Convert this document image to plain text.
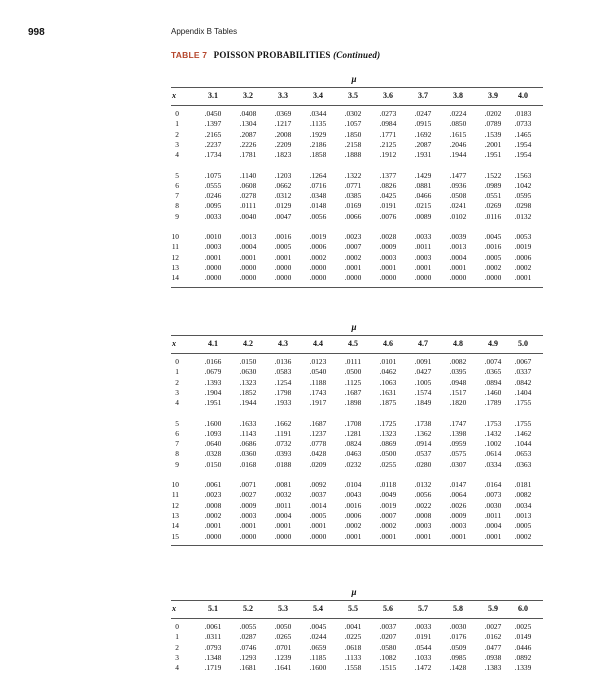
998	Appendix B Tables
TABLE 7 POISSON PROBABILITIES (Continued)
μ
x	3.1	3.2	3.3	3.4	3.5	3.6	3.7	3.8	3.9	4.0
0	.0450	.0408	.0369	.0344	.0302	.0273	.0247	.0224	.0202	.0183
1	.1397	.1304	.1217	.1135	.1057	.0984	.0915	.0850	.0789	.0733
2	.2165	.2087	.2008	.1929	.1850	.1771	.1692	.1615	.1539	.1465
3	.2237	.2226	.2209	.2186	.2158	.2125	.2087	.2046	.2001	.1954
4	.1734	.1781	.1823	.1858	.1888	.1912	.1931	.1944	.1951	.1954
5	.1075	.1140	.1203	.1264	.1322	.1377	.1429	.1477	.1522	.1563
6	.0555	.0608	.0662	.0716	.0771	.0826	.0881	.0936	.0989	.1042
7	.0246	.0278	.0312	.0348	.0385	.0425	.0466	.0508	.0551	.0595
8	.0095	.0111	.0129	.0148	.0169	.0191	.0215	.0241	.0269	.0298
9	.0033	.0040	.0047	.0056	.0066	.0076	.0089	.0102	.0116	.0132
10	.0010	.0013	.0016	.0019	.0023	.0028	.0033	.0039	.0045	.0053
11	.0003	.0004	.0005	.0006	.0007	.0009	.0011	.0013	.0016	.0019
12	.0001	.0001	.0001	.0002	.0002	.0003	.0003	.0004	.0005	.0006
13	.0000	.0000	.0000	.0000	.0001	.0001	.0001	.0001	.0002	.0002
14	.0000	.0000	.0000	.0000	.0000	.0000	.0000	.0000	.0000	.0001
μ
x	4.1	4.2	4.3	4.4	4.5	4.6	4.7	4.8	4.9	5.0
0	.0166	.0150	.0136	.0123	.0111	.0101	.0091	.0082	.0074	.0067
1	.0679	.0630	.0583	.0540	.0500	.0462	.0427	.0395	.0365	.0337
2	.1393	.1323	.1254	.1188	.1125	.1063	.1005	.0948	.0894	.0842
3	.1904	.1852	.1798	.1743	.1687	.1631	.1574	.1517	.1460	.1404
4	.1951	.1944	.1933	.1917	.1898	.1875	.1849	.1820	.1789	.1755
5	.1600	.1633	.1662	.1687	.1708	.1725	.1738	.1747	.1753	.1755
6	.1093	.1143	.1191	.1237	.1281	.1323	.1362	.1398	.1432	.1462
7	.0640	.0686	.0732	.0778	.0824	.0869	.0914	.0959	.1002	.1044
8	.0328	.0360	.0393	.0428	.0463	.0500	.0537	.0575	.0614	.0653
9	.0150	.0168	.0188	.0209	.0232	.0255	.0280	.0307	.0334	.0363
10	.0061	.0071	.0081	.0092	.0104	.0118	.0132	.0147	.0164	.0181
11	.0023	.0027	.0032	.0037	.0043	.0049	.0056	.0064	.0073	.0082
12	.0008	.0009	.0011	.0014	.0016	.0019	.0022	.0026	.0030	.0034
13	.0002	.0003	.0004	.0005	.0006	.0007	.0008	.0009	.0011	.0013
14	.0001	.0001	.0001	.0001	.0002	.0002	.0003	.0003	.0004	.0005
15	.0000	.0000	.0000	.0000	.0001	.0001	.0001	.0001	.0001	.0002
μ
x	5.1	5.2	5.3	5.4	5.5	5.6	5.7	5.8	5.9	6.0
0	.0061	.0055	.0050	.0045	.0041	.0037	.0033	.0030	.0027	.0025
1	.0311	.0287	.0265	.0244	.0225	.0207	.0191	.0176	.0162	.0149
2	.0793	.0746	.0701	.0659	.0618	.0580	.0544	.0509	.0477	.0446
3	.1348	.1293	.1239	.1185	.1133	.1082	.1033	.0985	.0938	.0892
4	.1719	.1681	.1641	.1600	.1558	.1515	.1472	.1428	.1383	.1339
